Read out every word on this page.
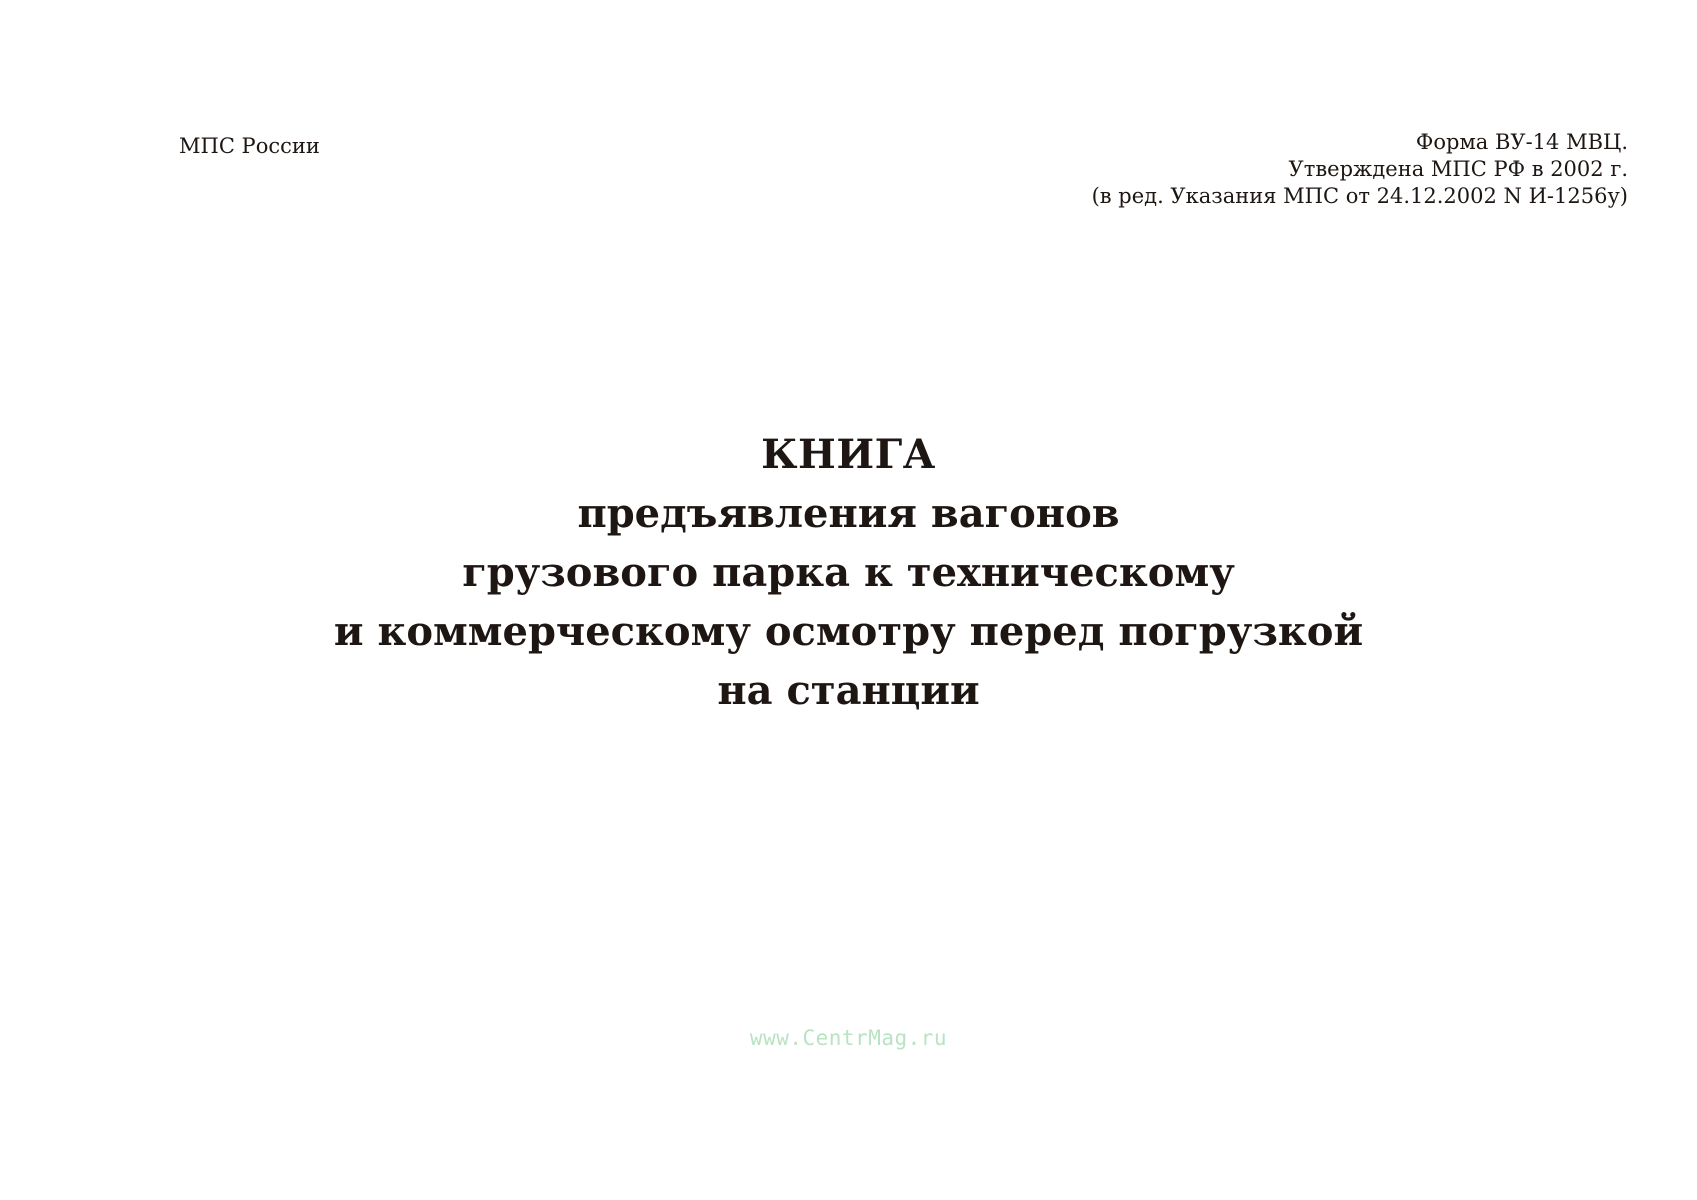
МПС России	Форма ВУ-14 МВЦ.
Утверждена МПС РФ в 2002 г.
(в ред. Указания МПС от 24.12.2002 N И-1256у)
КНИГА
предъявления вагонов
грузового парка к техническому
и коммерческому осмотру перед погрузкой
на станции
www.CentrMag.ru
